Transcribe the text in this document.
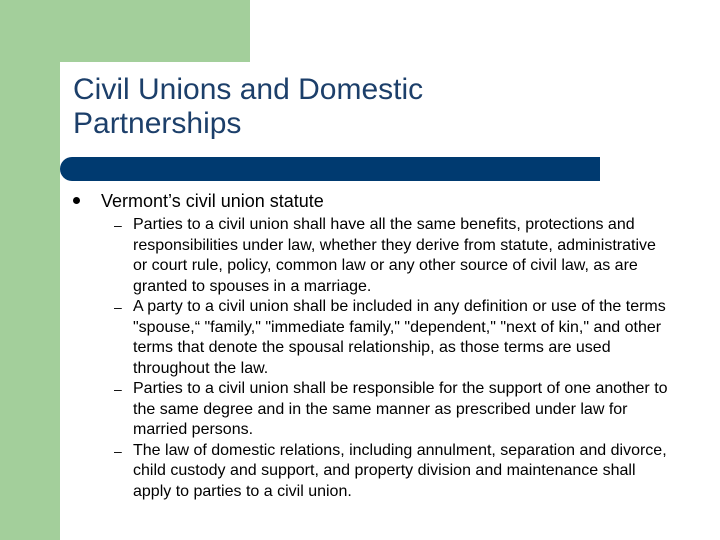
Civil Unions and Domestic
Partnerships
Vermont’s civil union statute
– Parties to a civil union shall have all the same benefits, protections and responsibilities under law, whether they derive from statute, administrative or court rule, policy, common law or any other source of civil law, as are granted to spouses in a marriage.
– A party to a civil union shall be included in any definition or use of the terms "spouse,“ "family," "immediate family," "dependent," "next of kin," and other terms that denote the spousal relationship, as those terms are used throughout the law.
– Parties to a civil union shall be responsible for the support of one another to the same degree and in the same manner as prescribed under law for married persons.
– The law of domestic relations, including annulment, separation and divorce, child custody and support, and property division and maintenance shall apply to parties to a civil union.
